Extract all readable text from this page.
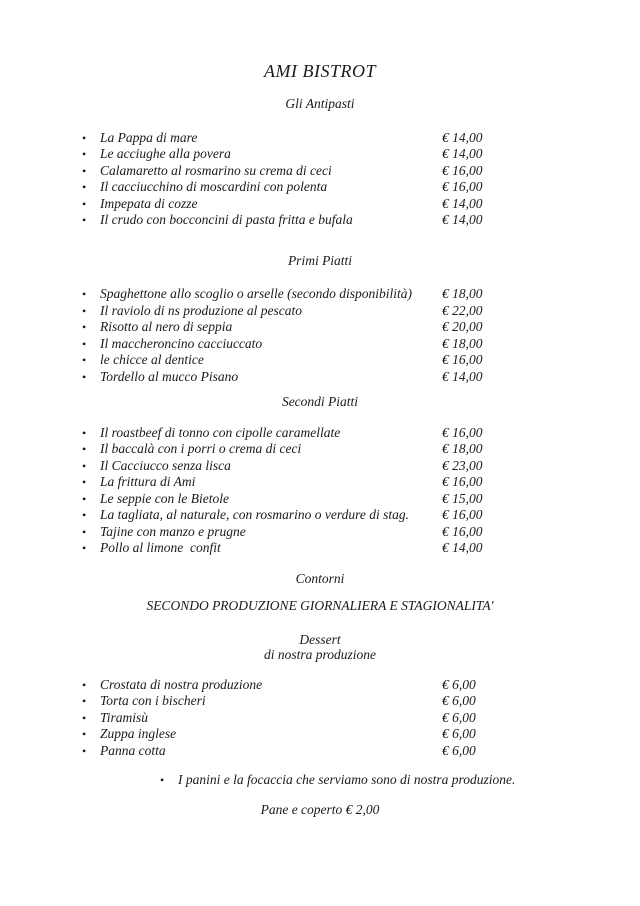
AMI BISTROT
Gli Antipasti
•	La Pappa di mare	€ 14,00
•	Le acciughe alla povera	€ 14,00
•	Calamaretto al rosmarino su crema di ceci	€ 16,00
•	Il cacciucchino di moscardini con polenta	€ 16,00
•	Impepata di cozze	€ 14,00
•	Il crudo con bocconcini di pasta fritta e bufala	€ 14,00
Primi Piatti
•	Spaghettone allo scoglio o arselle (secondo disponibilità)	€ 18,00
•	Il raviolo di ns produzione al pescato	€ 22,00
•	Risotto al nero di seppia	€ 20,00
•	Il maccheroncino cacciuccato	€ 18,00
•	le chicce al dentice	€ 16,00
•	Tordello al mucco Pisano	€ 14,00
Secondi Piatti
•	Il roastbeef di tonno con cipolle caramellate	€ 16,00
•	Il baccalà con i porri o crema di ceci	€ 18,00
•	Il Cacciucco senza lisca	€ 23,00
•	La frittura di Ami	€ 16,00
•	Le seppie con le Bietole	€ 15,00
•	La tagliata, al naturale, con rosmarino o verdure di stag.	€ 16,00
•	Tajine con manzo e prugne	€ 16,00
•	Pollo al limone  confit	€ 14,00
Contorni
SECONDO PRODUZIONE GIORNALIERA E STAGIONALITA'
Dessert
di nostra produzione
•	Crostata di nostra produzione	€ 6,00
•	Torta con i bischeri	€ 6,00
•	Tiramisù	€ 6,00
•	Zuppa inglese	€ 6,00
•	Panna cotta	€ 6,00
•	I panini e la focaccia che serviamo sono di nostra produzione.
Pane e coperto € 2,00
